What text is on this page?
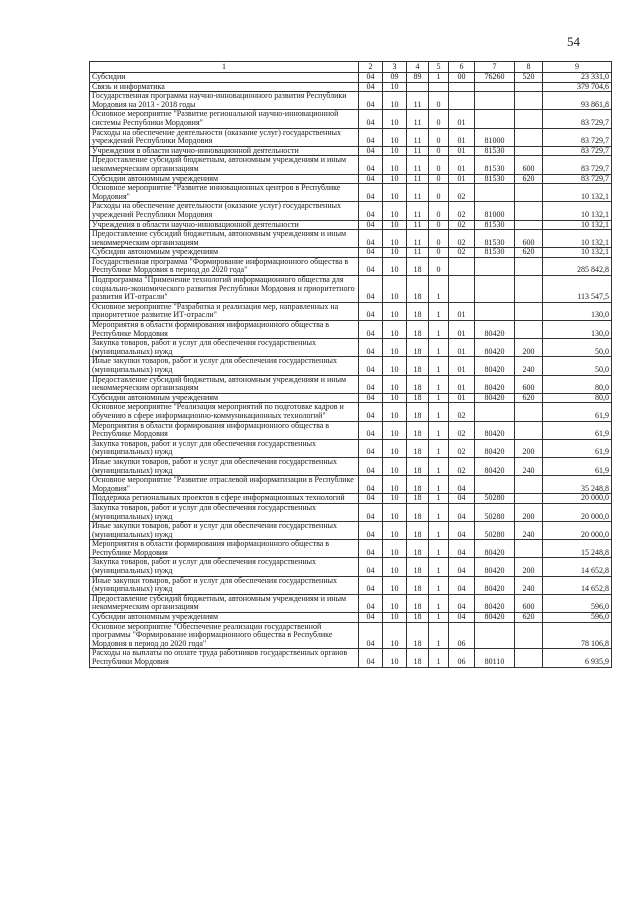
54
1	2	3	4	5	6	7	8	9
Субсидии	04	09	89	1	00	76260	520	23 331,0
Связь и информатика	04	10						379 704,6
Государственная программа научно-инновационного развития Республики Мордовия на 2013 - 2018 годы	04	10	11	0				93 861,8
Основное мероприятие "Развитие региональной научно-инновационной системы Республики Мордовия"	04	10	11	0	01			83 729,7
Расходы на обеспечение деятельности (оказание услуг) государственных учреждений Республики Мордовия	04	10	11	0	01	81000		83 729,7
Учреждения в области научно-инновационной деятельности	04	10	11	0	01	81530		83 729,7
Предоставление субсидий бюджетным, автономным учреждениям и иным некоммерческим организациям	04	10	11	0	01	81530	600	83 729,7
Субсидии автономным учреждениям	04	10	11	0	01	81530	620	83 729,7
Основное мероприятие "Развитие инновационных центров в Республике Мордовия"	04	10	11	0	02			10 132,1
Расходы на обеспечение деятельности (оказание услуг) государственных учреждений Республики Мордовия	04	10	11	0	02	81000		10 132,1
Учреждения в области научно-инновационной деятельности	04	10	11	0	02	81530		10 132,1
Предоставление субсидий бюджетным, автономным учреждениям и иным некоммерческим организациям	04	10	11	0	02	81530	600	10 132,1
Субсидии автономным учреждениям	04	10	11	0	02	81530	620	10 132,1
Государственная программа "Формирование информационного общества в Республике Мордовия в период до 2020 года"	04	10	18	0				285 842,8
Подпрограмма "Применение технологий информационного общества для социально-экономического развития Республики Мордовия и приоритетного развития ИТ-отрасли"	04	10	18	1				113 547,5
Основное мероприятие "Разработка и реализация мер, направленных на приоритетное развитие ИТ-отрасли"	04	10	18	1	01			130,0
Мероприятия в области формирования информационного общества в Республике Мордовия	04	10	18	1	01	80420		130,0
Закупка товаров, работ и услуг для обеспечения государственных (муниципальных) нужд	04	10	18	1	01	80420	200	50,0
Иные закупки товаров, работ и услуг для обеспечения государственных (муниципальных) нужд	04	10	18	1	01	80420	240	50,0
Предоставление субсидий бюджетным, автономным учреждениям и иным некоммерческим организациям	04	10	18	1	01	80420	600	80,0
Субсидии автономным учреждениям	04	10	18	1	01	80420	620	80,0
Основное мероприятие "Реализация мероприятий по подготовке кадров и обучению в сфере информационно-коммуникационных технологий"	04	10	18	1	02			61,9
Мероприятия в области формирования информационного общества в Республике Мордовия	04	10	18	1	02	80420		61,9
Закупка товаров, работ и услуг для обеспечения государственных (муниципальных) нужд	04	10	18	1	02	80420	200	61,9
Иные закупки товаров, работ и услуг для обеспечения государственных (муниципальных) нужд	04	10	18	1	02	80420	240	61,9
Основное мероприятие "Развитие отраслевой информатизации в Республике Мордовия"	04	10	18	1	04			35 248,8
Поддержка региональных проектов в сфере информационных технологий	04	10	18	1	04	50280		20 000,0
Закупка товаров, работ и услуг для обеспечения государственных (муниципальных) нужд	04	10	18	1	04	50280	200	20 000,0
Иные закупки товаров, работ и услуг для обеспечения государственных (муниципальных) нужд	04	10	18	1	04	50280	240	20 000,0
Мероприятия в области формирования информационного общества в Республике Мордовия	04	10	18	1	04	80420		15 248,8
Закупка товаров, работ и услуг для обеспечения государственных (муниципальных) нужд	04	10	18	1	04	80420	200	14 652,8
Иные закупки товаров, работ и услуг для обеспечения государственных (муниципальных) нужд	04	10	18	1	04	80420	240	14 652,8
Предоставление субсидий бюджетным, автономным учреждениям и иным некоммерческим организациям	04	10	18	1	04	80420	600	596,0
Субсидии автономным учреждениям	04	10	18	1	04	80420	620	596,0
Основное мероприятие "Обеспечение реализации государственной программы "Формирование информационного общества в Республике Мордовия в период до 2020 года"	04	10	18	1	06			78 106,8
Расходы на выплаты по оплате труда работников государственных органов Республики Мордовия	04	10	18	1	06	80110		6 935,9
